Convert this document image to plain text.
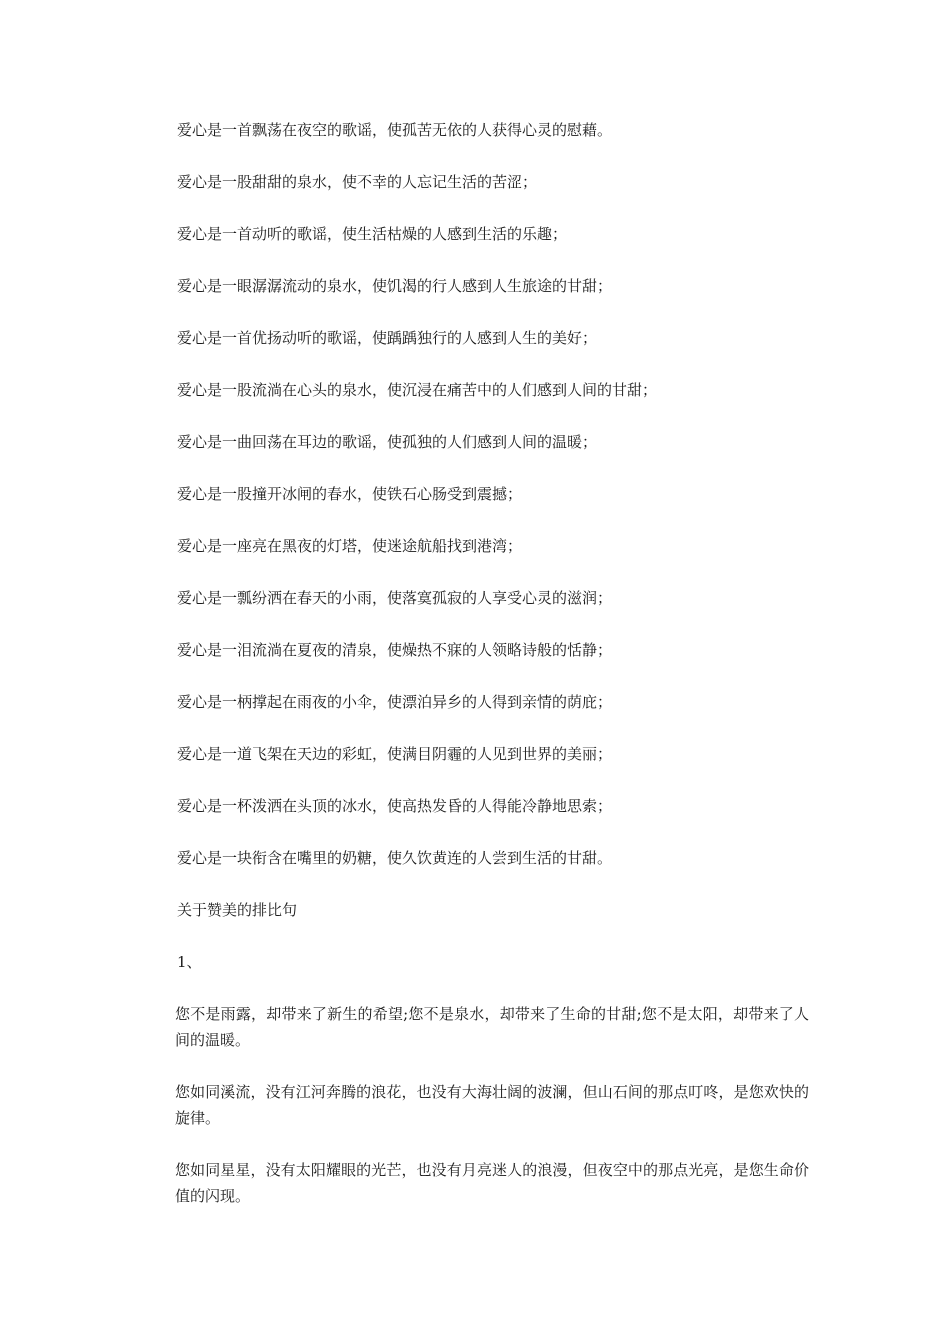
爱心是一首飘荡在夜空的歌谣，使孤苦无依的人获得心灵的慰藉。

爱心是一股甜甜的泉水，使不幸的人忘记生活的苦涩；

爱心是一首动听的歌谣，使生活枯燥的人感到生活的乐趣；

爱心是一眼潺潺流动的泉水，使饥渴的行人感到人生旅途的甘甜；

爱心是一首优扬动听的歌谣，使踽踽独行的人感到人生的美好；

爱心是一股流淌在心头的泉水，使沉浸在痛苦中的人们感到人间的甘甜；

爱心是一曲回荡在耳边的歌谣，使孤独的人们感到人间的温暖；

爱心是一股撞开冰闸的春水，使铁石心肠受到震撼；

爱心是一座亮在黑夜的灯塔，使迷途航船找到港湾；

爱心是一瓢纷洒在春天的小雨，使落寞孤寂的人享受心灵的滋润；

爱心是一泪流淌在夏夜的清泉，使燥热不寐的人领略诗般的恬静；

爱心是一柄撑起在雨夜的小伞，使漂泊异乡的人得到亲情的荫庇；

爱心是一道飞架在天边的彩虹，使满目阴霾的人见到世界的美丽；

爱心是一杯泼洒在头顶的冰水，使高热发昏的人得能冷静地思索；

爱心是一块衔含在嘴里的奶糖，使久饮黄连的人尝到生活的甘甜。

关于赞美的排比句

1、

您不是雨露，却带来了新生的希望;您不是泉水，却带来了生命的甘甜;您不是太阳，却带来了人间的温暖。

您如同溪流，没有江河奔腾的浪花，也没有大海壮阔的波澜，但山石间的那点叮咚，是您欢快的旋律。

您如同星星，没有太阳耀眼的光芒，也没有月亮迷人的浪漫，但夜空中的那点光亮，是您生命价值的闪现。
